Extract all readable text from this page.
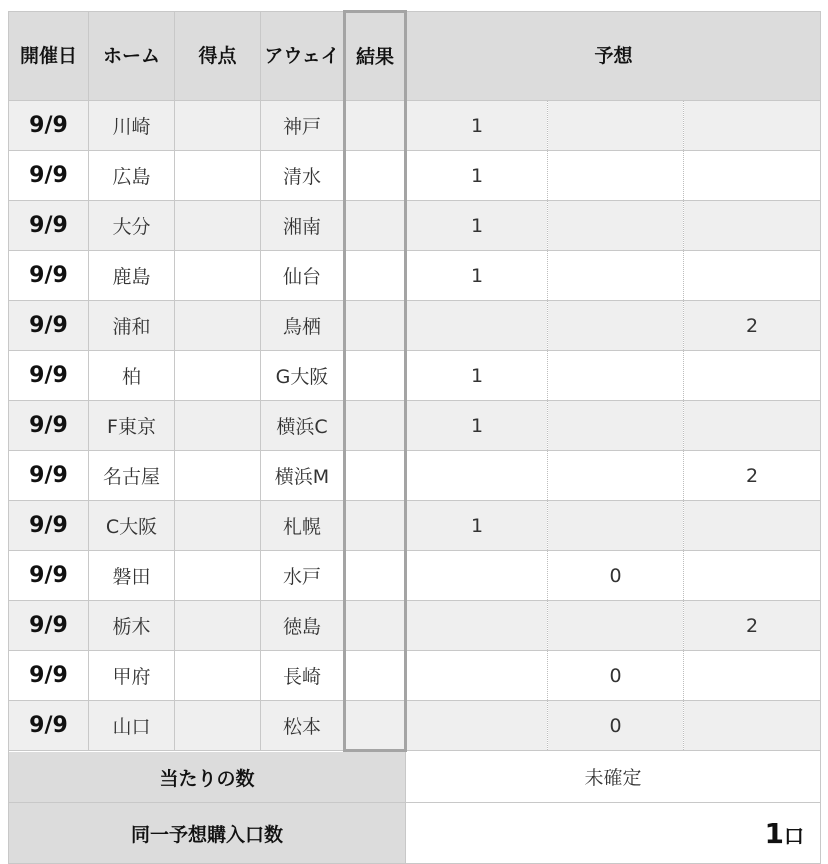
開催日	ホーム	得点	アウェイ	結果	予想		
9/9	川崎		神戸		1		
9/9	広島		清水		1		
9/9	大分		湘南		1		
9/9	鹿島		仙台		1		
9/9	浦和		鳥栖				2
9/9	柏		G大阪		1		
9/9	F東京		横浜C		1		
9/9	名古屋		横浜M				2
9/9	C大阪		札幌		1		
9/9	磐田		水戸			0	
9/9	栃木		徳島				2
9/9	甲府		長崎			0	
9/9	山口		松本			0	
当たりの数					未確定		
同一予想購入口数					1口		
